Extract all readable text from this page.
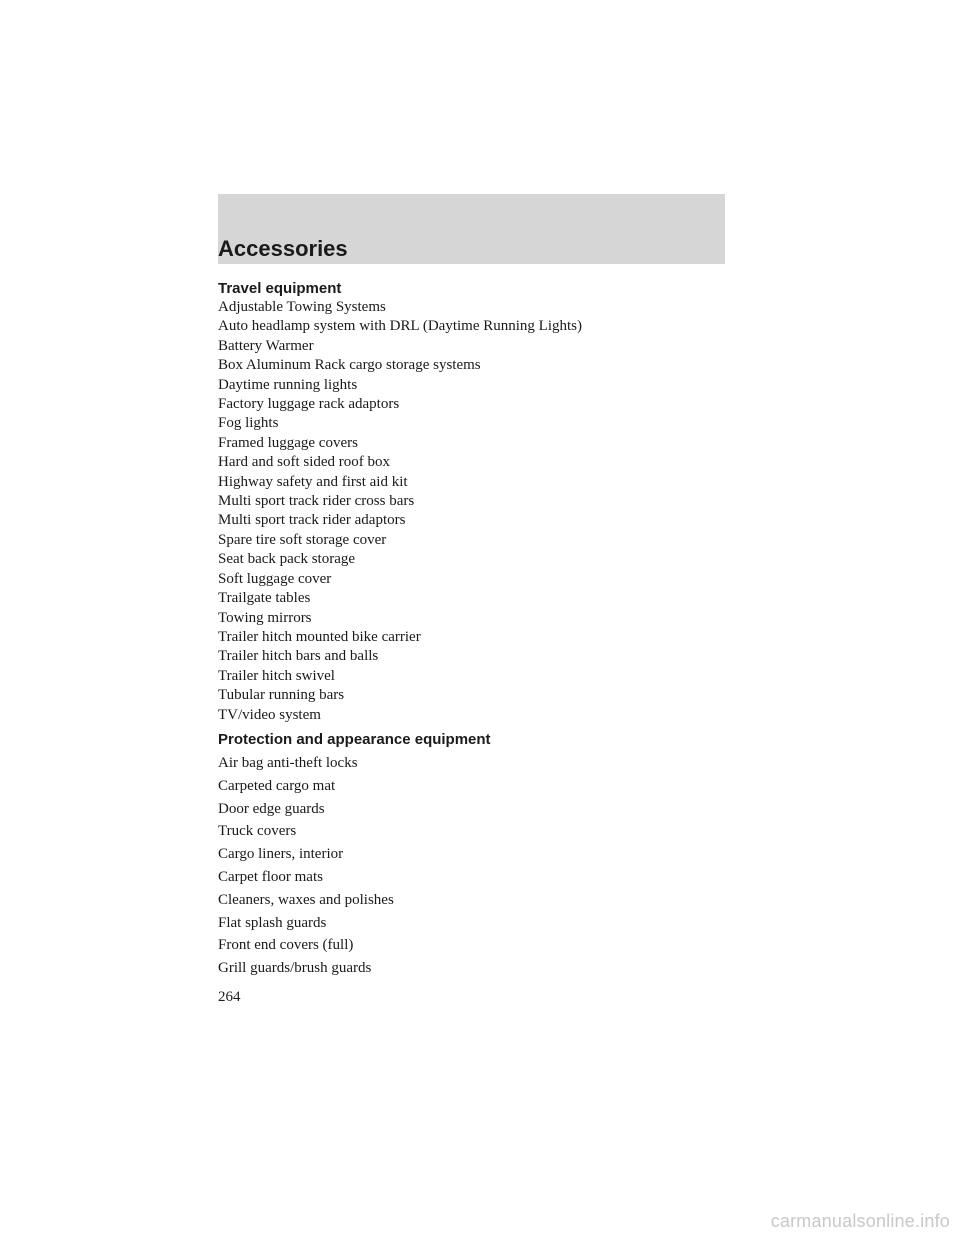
Accessories
Travel equipment
Adjustable Towing Systems
Auto headlamp system with DRL (Daytime Running Lights)
Battery Warmer
Box Aluminum Rack cargo storage systems
Daytime running lights
Factory luggage rack adaptors
Fog lights
Framed luggage covers
Hard and soft sided roof box
Highway safety and first aid kit
Multi sport track rider cross bars
Multi sport track rider adaptors
Spare tire soft storage cover
Seat back pack storage
Soft luggage cover
Trailgate tables
Towing mirrors
Trailer hitch mounted bike carrier
Trailer hitch bars and balls
Trailer hitch swivel
Tubular running bars
TV/video system
Protection and appearance equipment
Air bag anti-theft locks
Carpeted cargo mat
Door edge guards
Truck covers
Cargo liners, interior
Carpet floor mats
Cleaners, waxes and polishes
Flat splash guards
Front end covers (full)
Grill guards/brush guards
264
carmanualsonline.info
